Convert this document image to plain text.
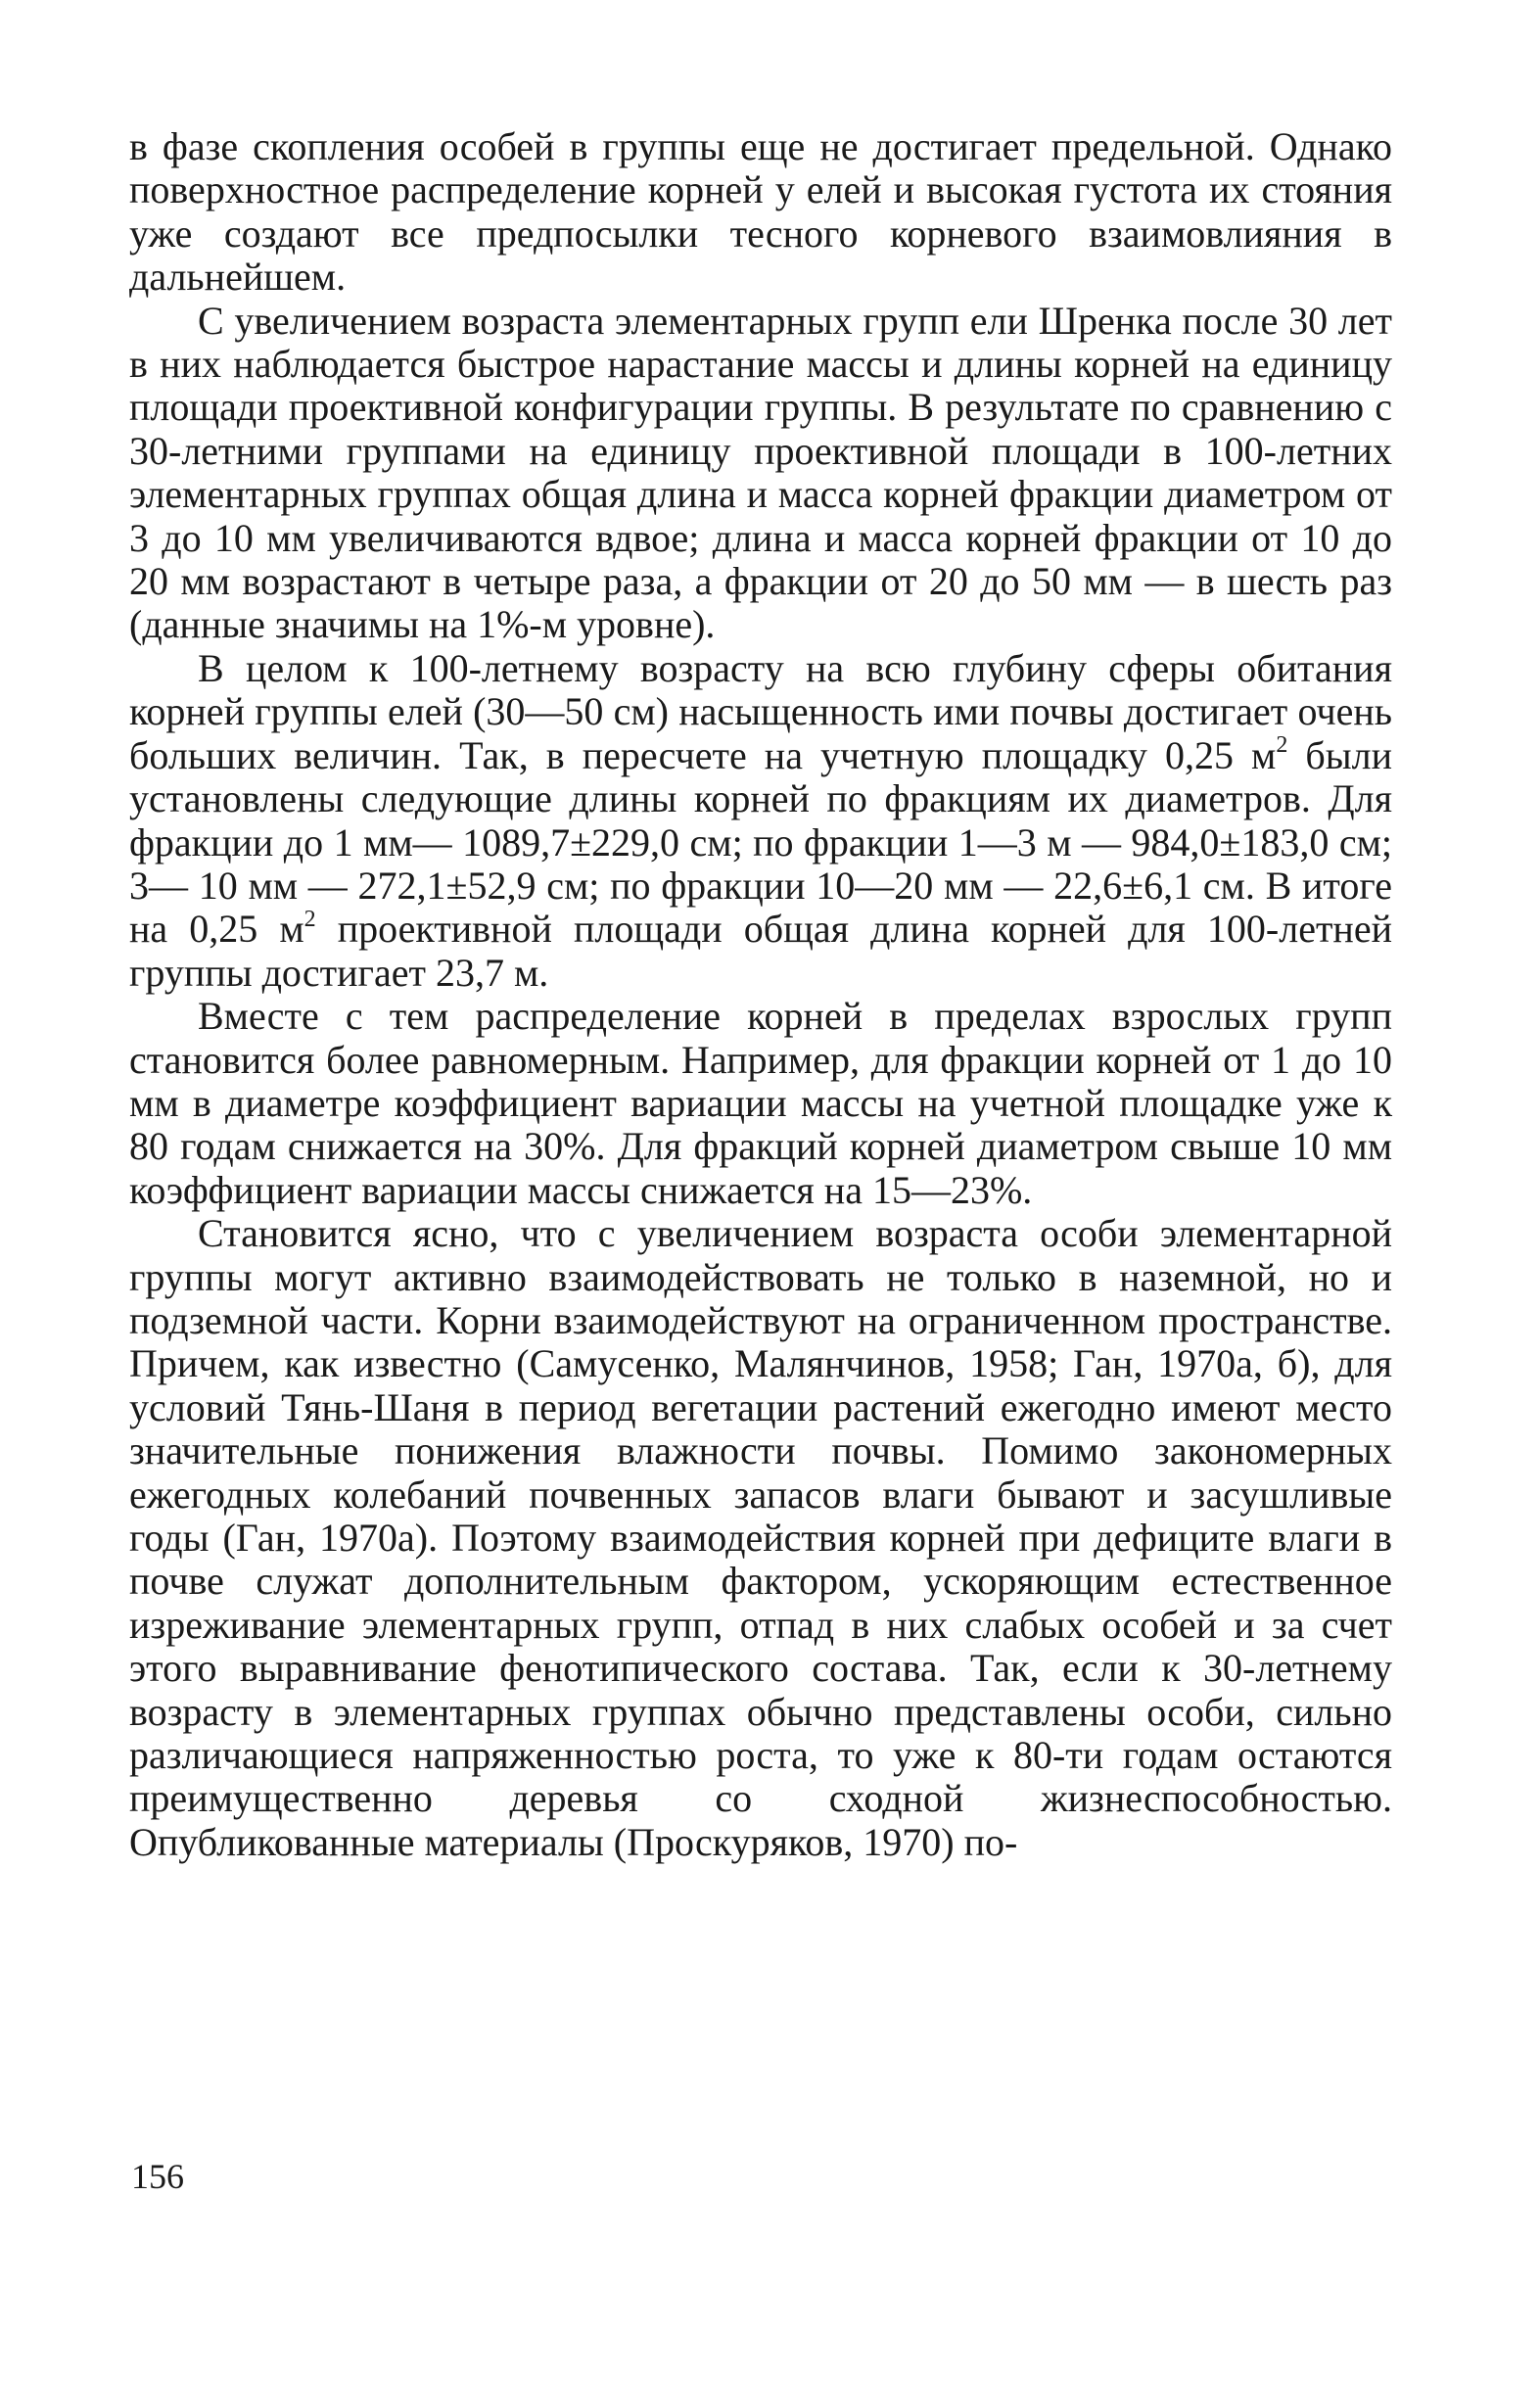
в фазе скопления особей в группы еще не достигает предельной. Однако поверхностное распределение корней у елей и высокая густота их стояния уже создают все предпосылки тесного корневого взаимовлияния в дальнейшем.

С увеличением возраста элементарных групп ели Шренка после 30 лет в них наблюдается быстрое нарастание массы и длины корней на единицу площади проективной конфигурации группы. В результате по сравнению с 30-летними группами на единицу проективной площади в 100-летних элементарных группах общая длина и масса корней фракции диаметром от 3 до 10 мм увеличиваются вдвое; длина и масса корней фракции от 10 до 20 мм возрастают в четыре раза, а фракции от 20 до 50 мм — в шесть раз (данные значимы на 1%-м уровне).

В целом к 100-летнему возрасту на всю глубину сферы обитания корней группы елей (30—50 см) насыщенность ими почвы достигает очень больших величин. Так, в пересчете на учетную площадку 0,25 $м^2$ были установлены следующие длины корней по фракциям их диаметров. Для фракции до 1 мм— 1089,7±229,0 см; по фракции 1—3 м — 984,0±183,0 см; 3— 10 мм — 272,1±52,9 см; по фракции 10—20 мм — 22,6±6,1 см. В итоге на 0,25 $м^2$ проективной площади общая длина корней для 100-летней группы достигает 23,7 м.

Вместе с тем распределение корней в пределах взрослых групп становится более равномерным. Например, для фракции корней от 1 до 10 мм в диаметре коэффициент вариации массы на учетной площадке уже к 80 годам снижается на 30%. Для фракций корней диаметром свыше 10 мм коэффициент вариации массы снижается на 15—23%.

Становится ясно, что с увеличением возраста особи элементарной группы могут активно взаимодействовать не только в наземной, но и подземной части. Корни взаимодействуют на ограниченном пространстве. Причем, как известно (Самусенко, Малянчинов, 1958; Ган, 1970а, б), для условий Тянь-Шаня в период вегетации растений ежегодно имеют место значительные понижения влажности почвы. Помимо закономерных ежегодных колебаний почвенных запасов влаги бывают и засушливые годы (Ган, 1970а). Поэтому взаимодействия корней при дефиците влаги в почве служат дополнительным фактором, ускоряющим естественное изреживание элементарных групп, отпад в них слабых особей и за счет этого выравнивание фенотипического состава. Так, если к 30-летнему возрасту в элементарных группах обычно представлены особи, сильно различающиеся напряженностью роста, то уже к 80-ти годам остаются преимущественно деревья со сходной жизнеспособностью. Опубликованные материалы (Проскуряков, 1970) по-

156
